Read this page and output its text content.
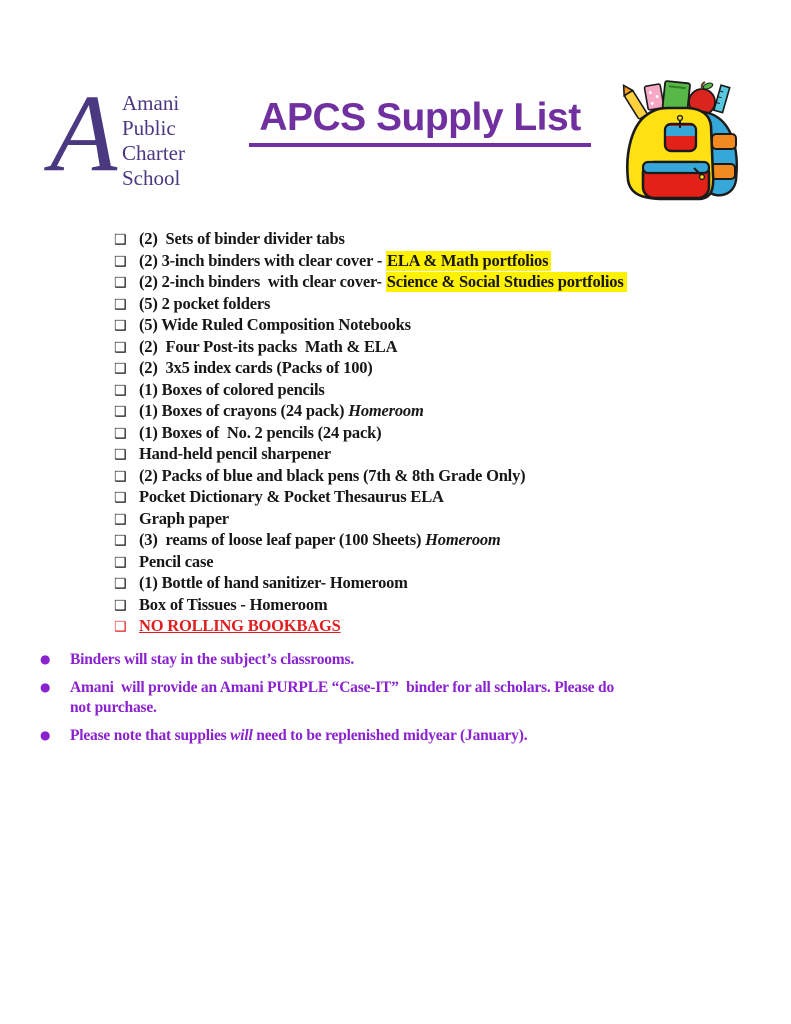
A Amani
Public
Charter
School
APCS Supply List
❑ (2)  Sets of binder divider tabs
❑ (2) 3-inch binders with clear cover - ELA & Math portfolios
❑ (2) 2-inch binders  with clear cover- Science & Social Studies portfolios
❑ (5) 2 pocket folders
❑ (5) Wide Ruled Composition Notebooks
❑ (2)  Four Post-its packs  Math & ELA
❑ (2)  3x5 index cards (Packs of 100)
❑ (1) Boxes of colored pencils
❑ (1) Boxes of crayons (24 pack) Homeroom
❑ (1) Boxes of  No. 2 pencils (24 pack)
❑ Hand-held pencil sharpener
❑ (2) Packs of blue and black pens (7th & 8th Grade Only)
❑ Pocket Dictionary & Pocket Thesaurus ELA
❑ Graph paper
❑ (3)  reams of loose leaf paper (100 Sheets) Homeroom
❑ Pencil case
❑ (1) Bottle of hand sanitizer- Homeroom
❑ Box of Tissues - Homeroom
❑ NO ROLLING BOOKBAGS
●	Binders will stay in the subject’s classrooms.
●	Amani  will provide an Amani PURPLE “Case-IT”  binder for all scholars. Please do
not purchase.
●	Please note that supplies will need to be replenished midyear (January).
